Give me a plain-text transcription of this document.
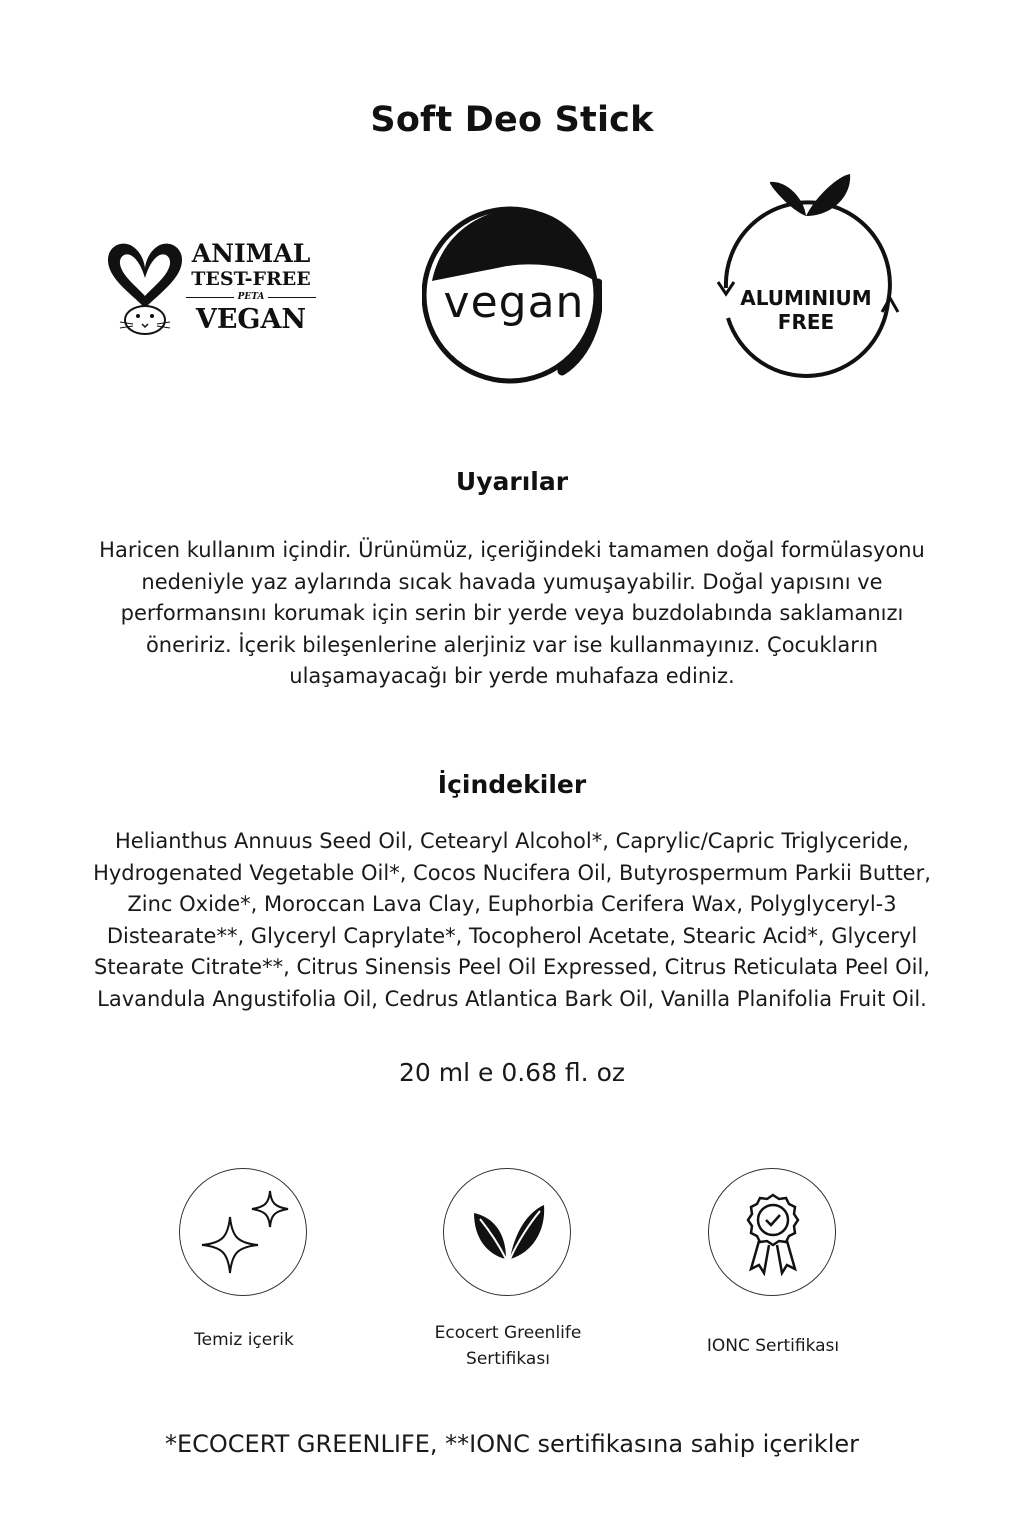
Soft Deo Stick
ANIMAL
TEST-FREE
PETA
VEGAN	vegan	ALUMINIUM
FREE
Uyarılar
Haricen kullanım içindir. Ürünümüz, içeriğindeki tamamen doğal formülasyonu nedeniyle yaz aylarında sıcak havada yumuşayabilir. Doğal yapısını ve performansını korumak için serin bir yerde veya buzdolabında saklamanızı öneririz. İçerik bileşenlerine alerjiniz var ise kullanmayınız. Çocukların ulaşamayacağı bir yerde muhafaza ediniz.
İçindekiler
Helianthus Annuus Seed Oil, Cetearyl Alcohol*, Caprylic/Capric Triglyceride, Hydrogenated Vegetable Oil*, Cocos Nucifera Oil, Butyrospermum Parkii Butter, Zinc Oxide*, Moroccan Lava Clay, Euphorbia Cerifera Wax, Polyglyceryl-3 Distearate**, Glyceryl Caprylate*, Tocopherol Acetate, Stearic Acid*, Glyceryl Stearate Citrate**, Citrus Sinensis Peel Oil Expressed, Citrus Reticulata Peel Oil, Lavandula Angustifolia Oil, Cedrus Atlantica Bark Oil, Vanilla Planifolia Fruit Oil.
20 ml e 0.68 fl. oz
Temiz içerik	Ecocert Greenlife
Sertifikası
IONC Sertifikası
*ECOCERT GREENLIFE, **IONC sertifikasına sahip içerikler
